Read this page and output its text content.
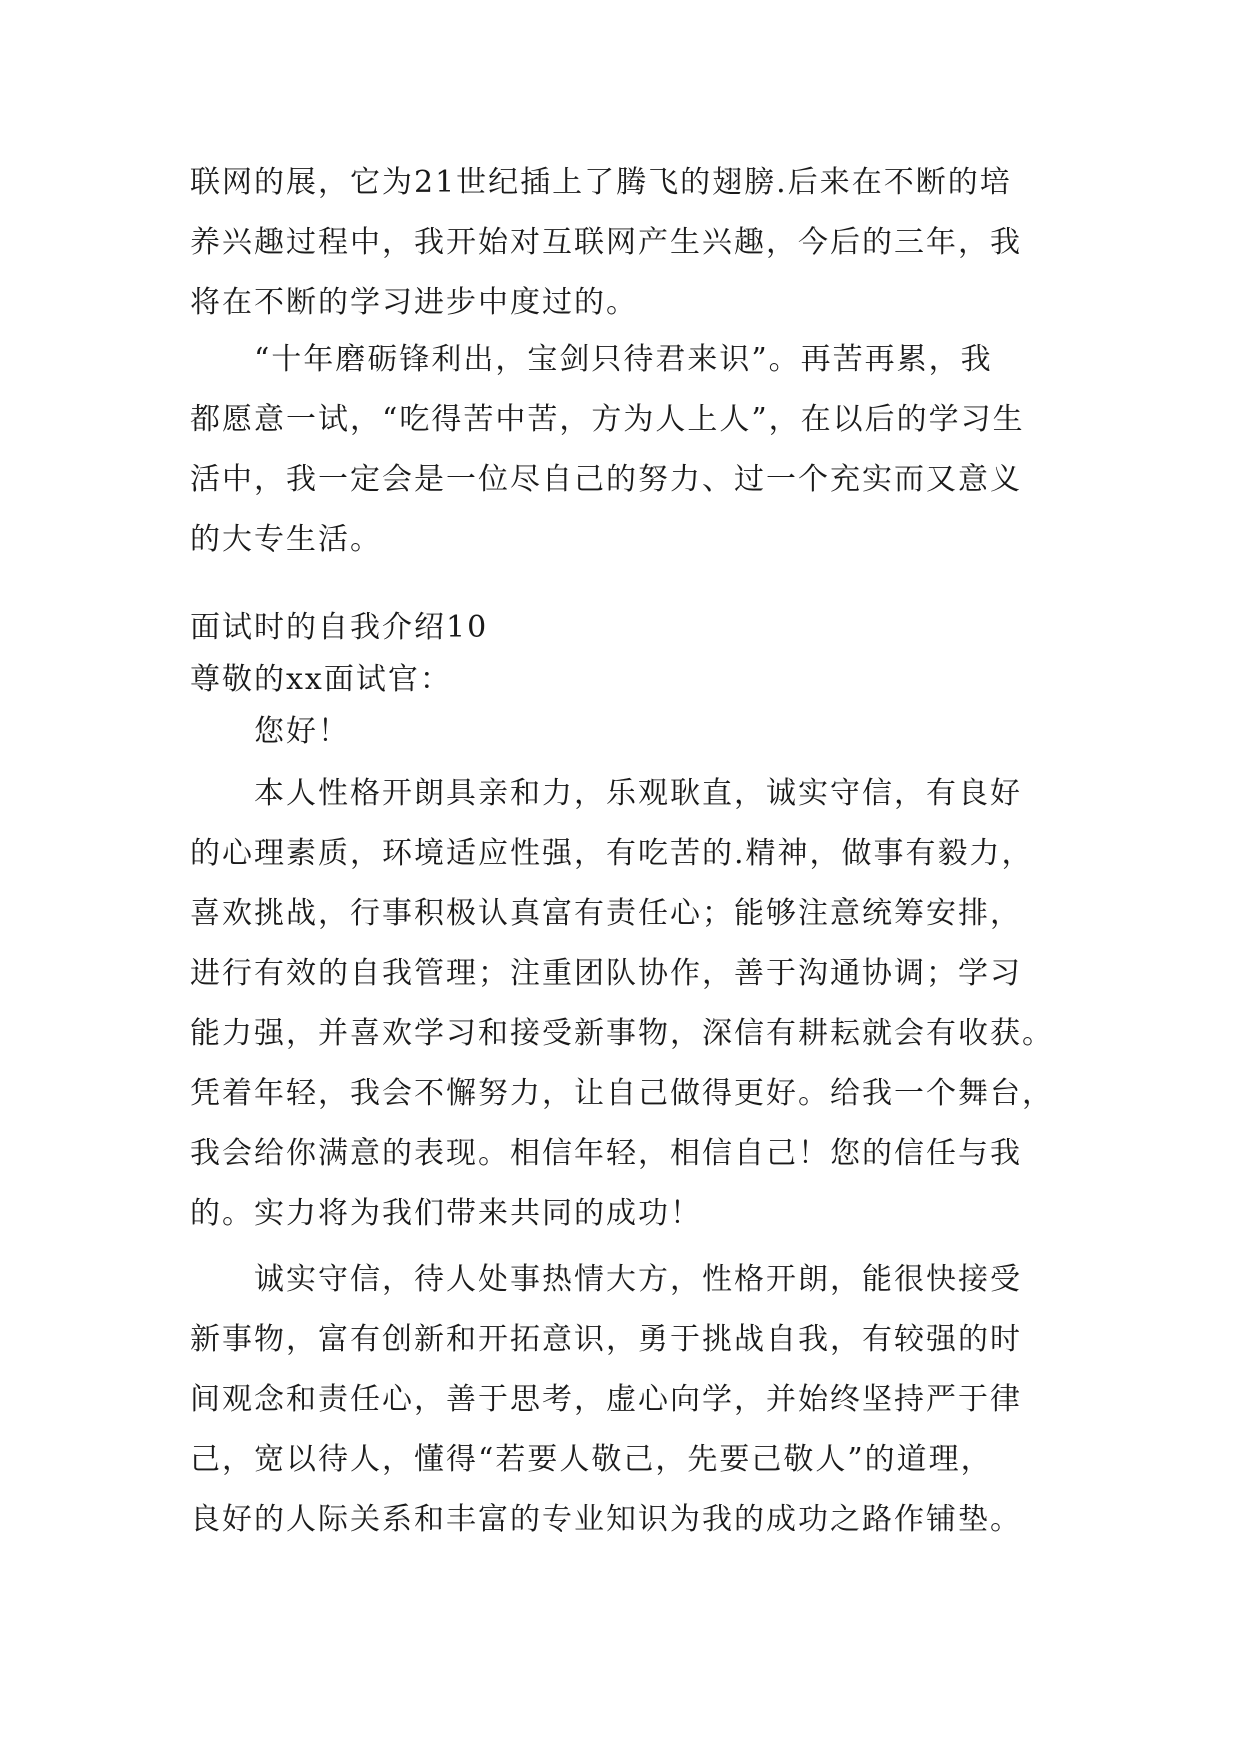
联网的展，它为21世纪插上了腾飞的翅膀.后来在不断的培
养兴趣过程中，我开始对互联网产生兴趣，今后的三年，我
将在不断的学习进步中度过的。
“十年磨砺锋利出，宝剑只待君来识”。再苦再累，我
都愿意一试，“吃得苦中苦，方为人上人”，在以后的学习生
活中，我一定会是一位尽自己的努力、过一个充实而又意义
的大专生活。
面试时的自我介绍10
尊敬的xx面试官：
您好！
本人性格开朗具亲和力，乐观耿直，诚实守信，有良好
的心理素质，环境适应性强，有吃苦的.精神，做事有毅力，
喜欢挑战，行事积极认真富有责任心；能够注意统筹安排，
进行有效的自我管理；注重团队协作，善于沟通协调；学习
能力强，并喜欢学习和接受新事物，深信有耕耘就会有收获。
凭着年轻，我会不懈努力，让自己做得更好。给我一个舞台，
我会给你满意的表现。相信年轻，相信自己！您的信任与我
的。实力将为我们带来共同的成功！
诚实守信，待人处事热情大方，性格开朗，能很快接受
新事物，富有创新和开拓意识，勇于挑战自我，有较强的时
间观念和责任心，善于思考，虚心向学，并始终坚持严于律
己，宽以待人，懂得“若要人敬己，先要己敬人”的道理，
良好的人际关系和丰富的专业知识为我的成功之路作铺垫。
